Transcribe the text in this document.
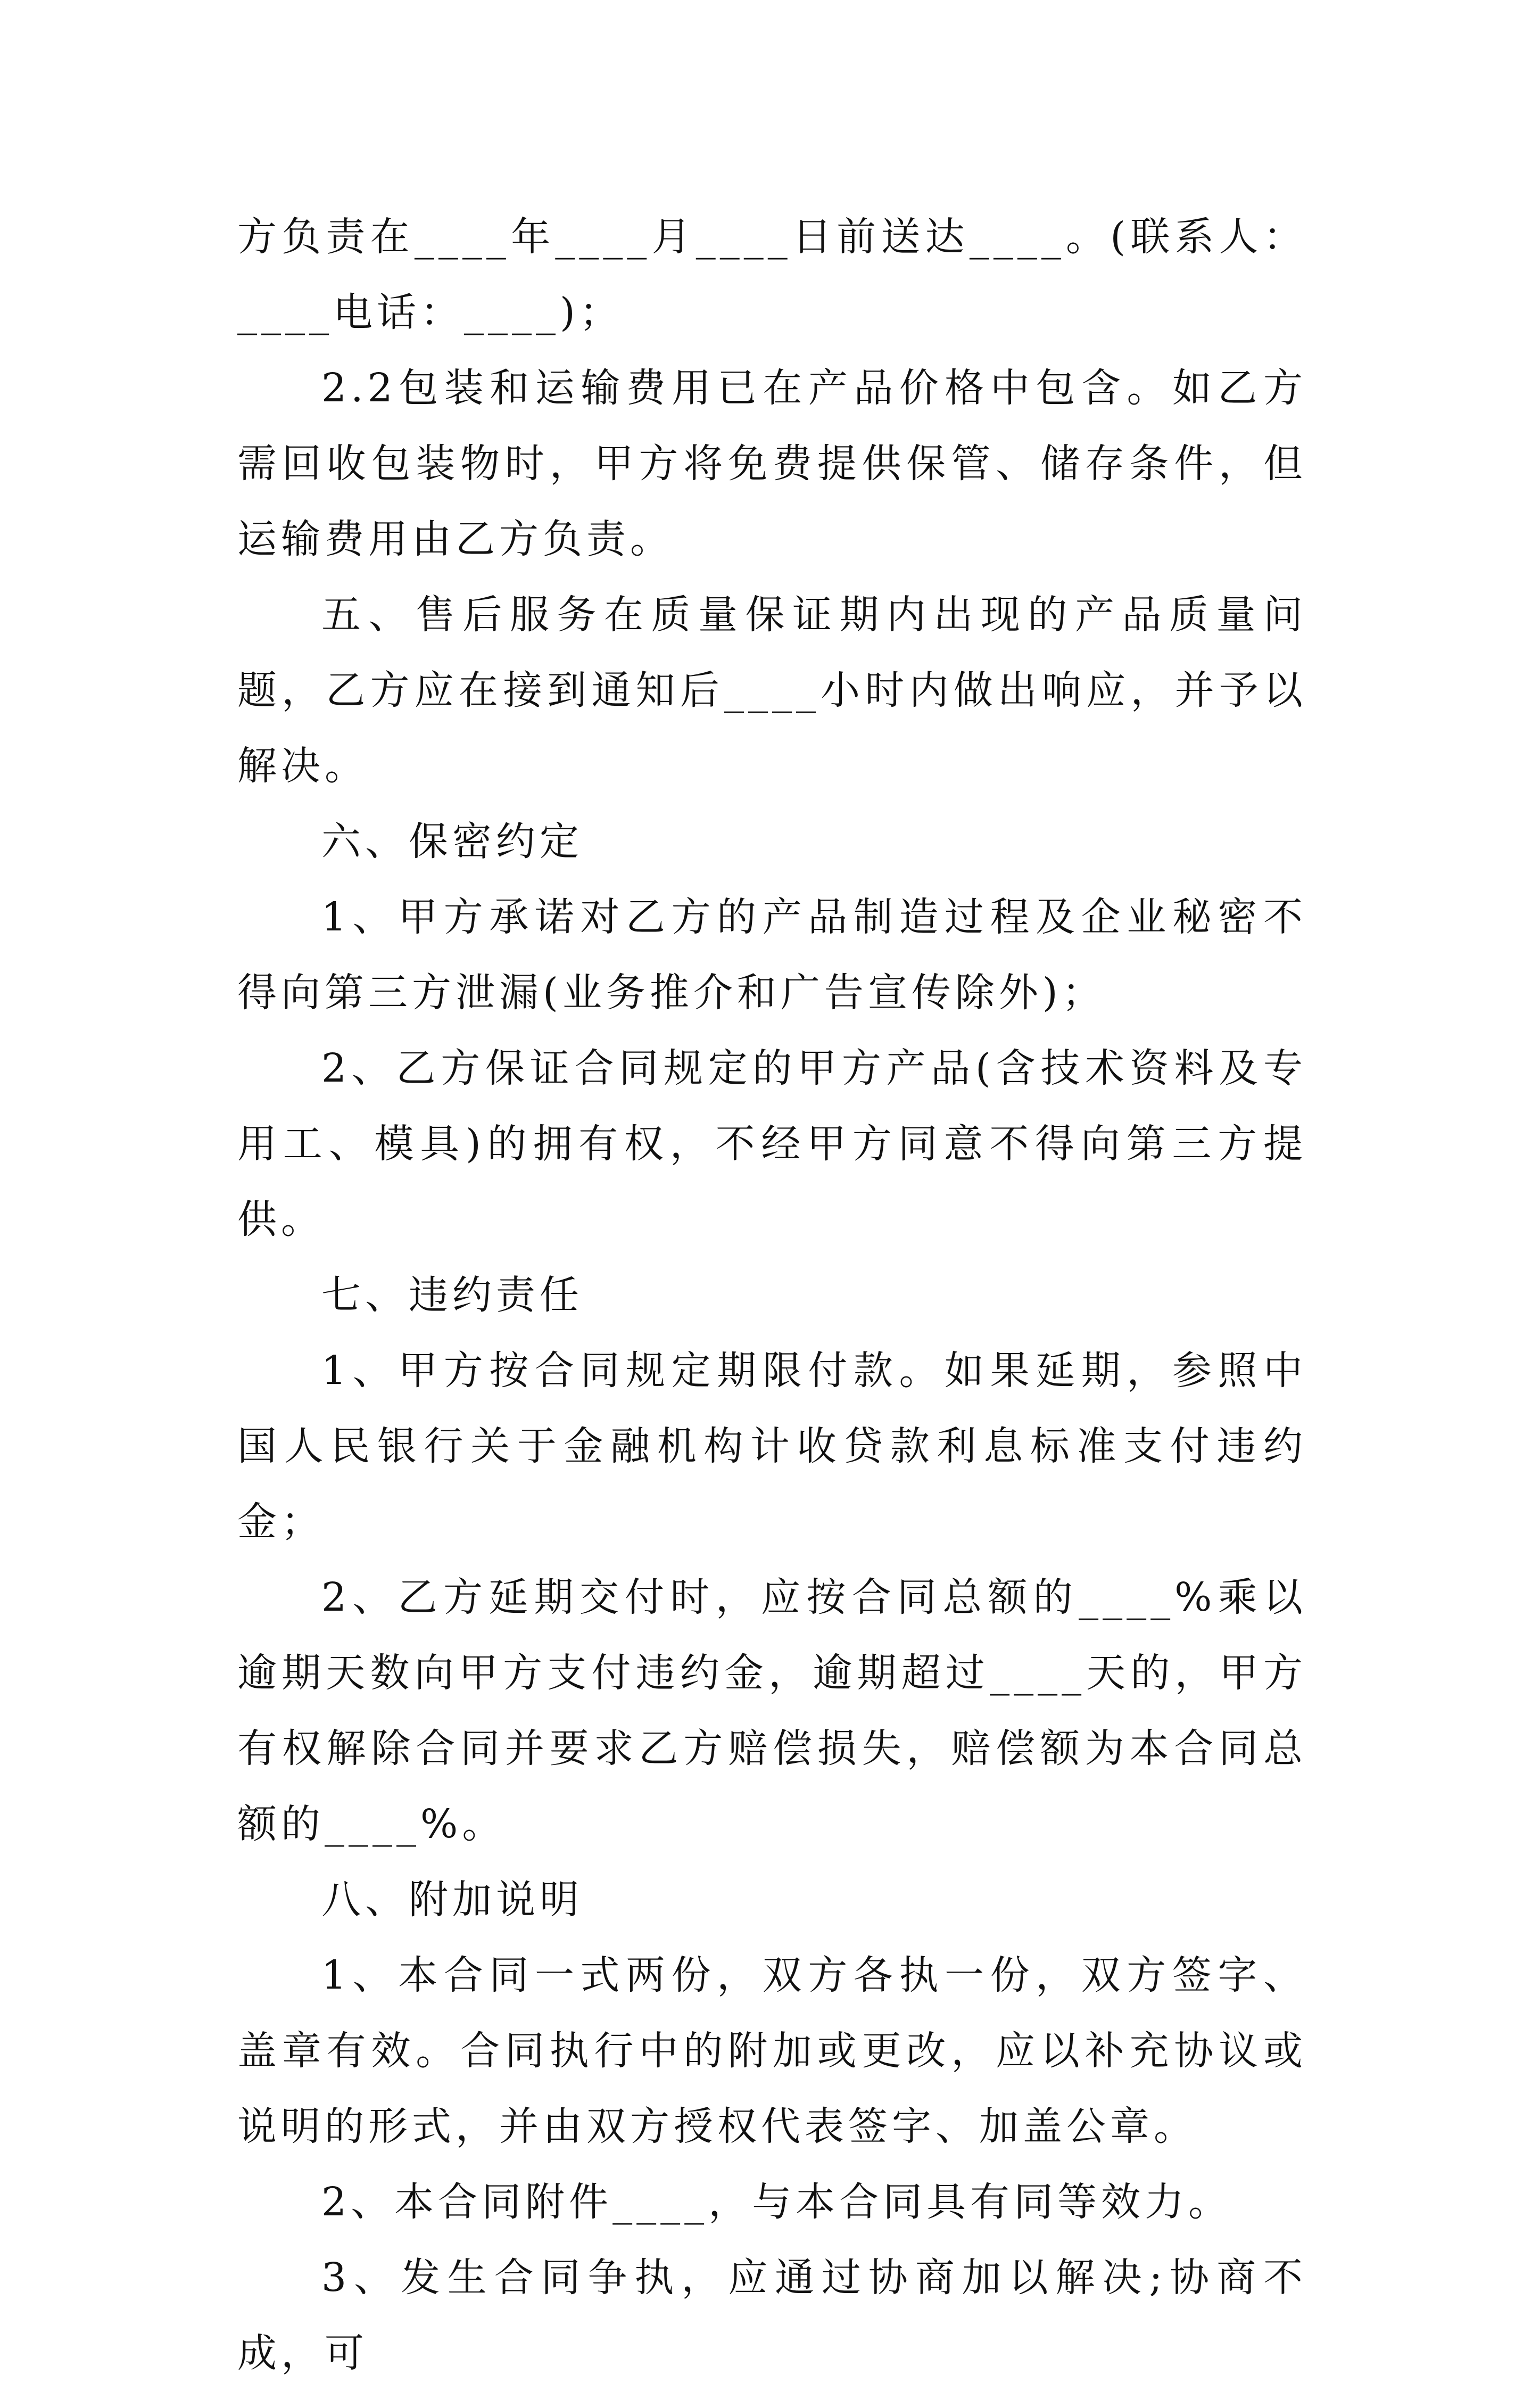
方负责在____年____月____日前送达____。(联系人：____电话：____)；

2.2包装和运输费用已在产品价格中包含。如乙方需回收包装物时，甲方将免费提供保管、储存条件，但运输费用由乙方负责。

五、售后服务在质量保证期内出现的产品质量问题，乙方应在接到通知后____小时内做出响应，并予以解决。

六、保密约定

1、甲方承诺对乙方的产品制造过程及企业秘密不得向第三方泄漏(业务推介和广告宣传除外)；

2、乙方保证合同规定的甲方产品(含技术资料及专用工、模具)的拥有权，不经甲方同意不得向第三方提供。

七、违约责任

1、甲方按合同规定期限付款。如果延期，参照中国人民银行关于金融机构计收贷款利息标准支付违约金；

2、乙方延期交付时，应按合同总额的____%乘以逾期天数向甲方支付违约金，逾期超过____天的，甲方有权解除合同并要求乙方赔偿损失，赔偿额为本合同总额的____%。

八、附加说明

1、本合同一式两份，双方各执一份，双方签字、盖章有效。合同执行中的附加或更改，应以补充协议或说明的形式，并由双方授权代表签字、加盖公章。

2、本合同附件____，与本合同具有同等效力。

3、发生合同争执，应通过协商加以解决;协商不成，可
